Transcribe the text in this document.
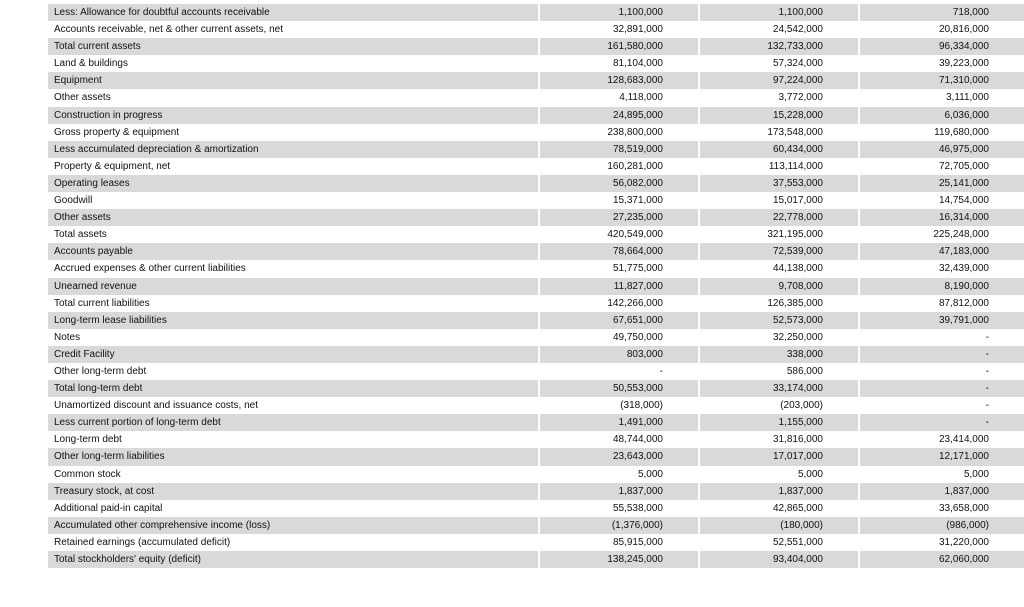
Less: Allowance for doubtful accounts receivable	1,100,000	1,100,000	718,000
Accounts receivable, net & other current assets, net	32,891,000	24,542,000	20,816,000
Total current assets	161,580,000	132,733,000	96,334,000
Land & buildings	81,104,000	57,324,000	39,223,000
Equipment	128,683,000	97,224,000	71,310,000
Other assets	4,118,000	3,772,000	3,111,000
Construction in progress	24,895,000	15,228,000	6,036,000
Gross property & equipment	238,800,000	173,548,000	119,680,000
Less accumulated depreciation & amortization	78,519,000	60,434,000	46,975,000
Property & equipment, net	160,281,000	113,114,000	72,705,000
Operating leases	56,082,000	37,553,000	25,141,000
Goodwill	15,371,000	15,017,000	14,754,000
Other assets	27,235,000	22,778,000	16,314,000
Total assets	420,549,000	321,195,000	225,248,000
Accounts payable	78,664,000	72,539,000	47,183,000
Accrued expenses & other current liabilities	51,775,000	44,138,000	32,439,000
Unearned revenue	11,827,000	9,708,000	8,190,000
Total current liabilities	142,266,000	126,385,000	87,812,000
Long-term lease liabilities	67,651,000	52,573,000	39,791,000
Notes	49,750,000	32,250,000	-
Credit Facility	803,000	338,000	-
Other long-term debt	-	586,000	-
Total long-term debt	50,553,000	33,174,000	-
Unamortized discount and issuance costs, net	(318,000)	(203,000)	-
Less current portion of long-term debt	1,491,000	1,155,000	-
Long-term debt	48,744,000	31,816,000	23,414,000
Other long-term liabilities	23,643,000	17,017,000	12,171,000
Common stock	5,000	5,000	5,000
Treasury stock, at cost	1,837,000	1,837,000	1,837,000
Additional paid-in capital	55,538,000	42,865,000	33,658,000
Accumulated other comprehensive income (loss)	(1,376,000)	(180,000)	(986,000)
Retained earnings (accumulated deficit)	85,915,000	52,551,000	31,220,000
Total stockholders' equity (deficit)	138,245,000	93,404,000	62,060,000
